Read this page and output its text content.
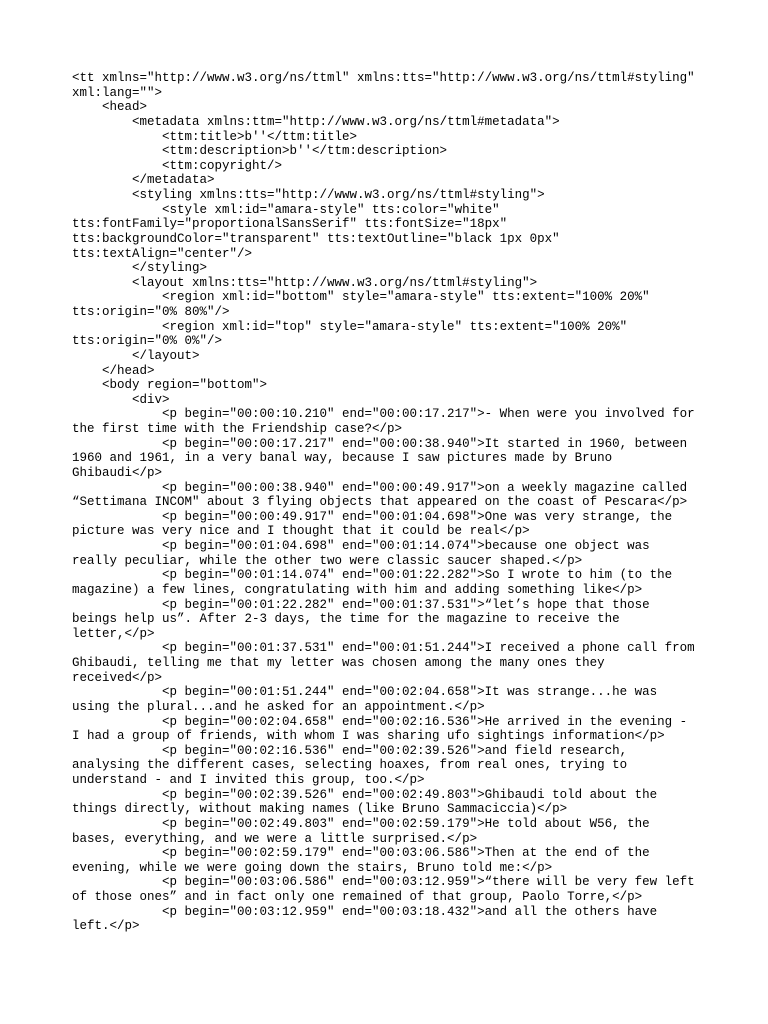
<tt xmlns="http://www.w3.org/ns/ttml" xmlns:tts="http://www.w3.org/ns/ttml#styling"
xml:lang="">
<head>
<metadata xmlns:ttm="http://www.w3.org/ns/ttml#metadata">
<ttm:title>b''</ttm:title>
<ttm:description>b''</ttm:description>
<ttm:copyright/>
</metadata>
<styling xmlns:tts="http://www.w3.org/ns/ttml#styling">
<style xml:id="amara-style" tts:color="white"
tts:fontFamily="proportionalSansSerif" tts:fontSize="18px"
tts:backgroundColor="transparent" tts:textOutline="black 1px 0px"
tts:textAlign="center"/>
</styling>
<layout xmlns:tts="http://www.w3.org/ns/ttml#styling">
<region xml:id="bottom" style="amara-style" tts:extent="100% 20%"
tts:origin="0% 80%"/>
<region xml:id="top" style="amara-style" tts:extent="100% 20%"
tts:origin="0% 0%"/>
</layout>
</head>
<body region="bottom">
<div>
<p begin="00:00:10.210" end="00:00:17.217">- When were you involved for
the first time with the Friendship case?</p>
<p begin="00:00:17.217" end="00:00:38.940">It started in 1960, between
1960 and 1961, in a very banal way, because I saw pictures made by Bruno
Ghibaudi</p>
<p begin="00:00:38.940" end="00:00:49.917">on a weekly magazine called
“Settimana INCOM" about 3 flying objects that appeared on the coast of Pescara</p>
<p begin="00:00:49.917" end="00:01:04.698">One was very strange, the
picture was very nice and I thought that it could be real</p>
<p begin="00:01:04.698" end="00:01:14.074">because one object was
really peculiar, while the other two were classic saucer shaped.</p>
<p begin="00:01:14.074" end="00:01:22.282">So I wrote to him (to the
magazine) a few lines, congratulating with him and adding something like</p>
<p begin="00:01:22.282" end="00:01:37.531">“let’s hope that those
beings help us”. After 2-3 days, the time for the magazine to receive the
letter,</p>
<p begin="00:01:37.531" end="00:01:51.244">I received a phone call from
Ghibaudi, telling me that my letter was chosen among the many ones they
received</p>
<p begin="00:01:51.244" end="00:02:04.658">It was strange...he was
using the plural...and he asked for an appointment.</p>
<p begin="00:02:04.658" end="00:02:16.536">He arrived in the evening -
I had a group of friends, with whom I was sharing ufo sightings information</p>
<p begin="00:02:16.536" end="00:02:39.526">and field research,
analysing the different cases, selecting hoaxes, from real ones, trying to
understand - and I invited this group, too.</p>
<p begin="00:02:39.526" end="00:02:49.803">Ghibaudi told about the
things directly, without making names (like Bruno Sammaciccia)</p>
<p begin="00:02:49.803" end="00:02:59.179">He told about W56, the
bases, everything, and we were a little surprised.</p>
<p begin="00:02:59.179" end="00:03:06.586">Then at the end of the
evening, while we were going down the stairs, Bruno told me:</p>
<p begin="00:03:06.586" end="00:03:12.959">“there will be very few left
of those ones” and in fact only one remained of that group, Paolo Torre,</p>
<p begin="00:03:12.959" end="00:03:18.432">and all the others have
left.</p>
